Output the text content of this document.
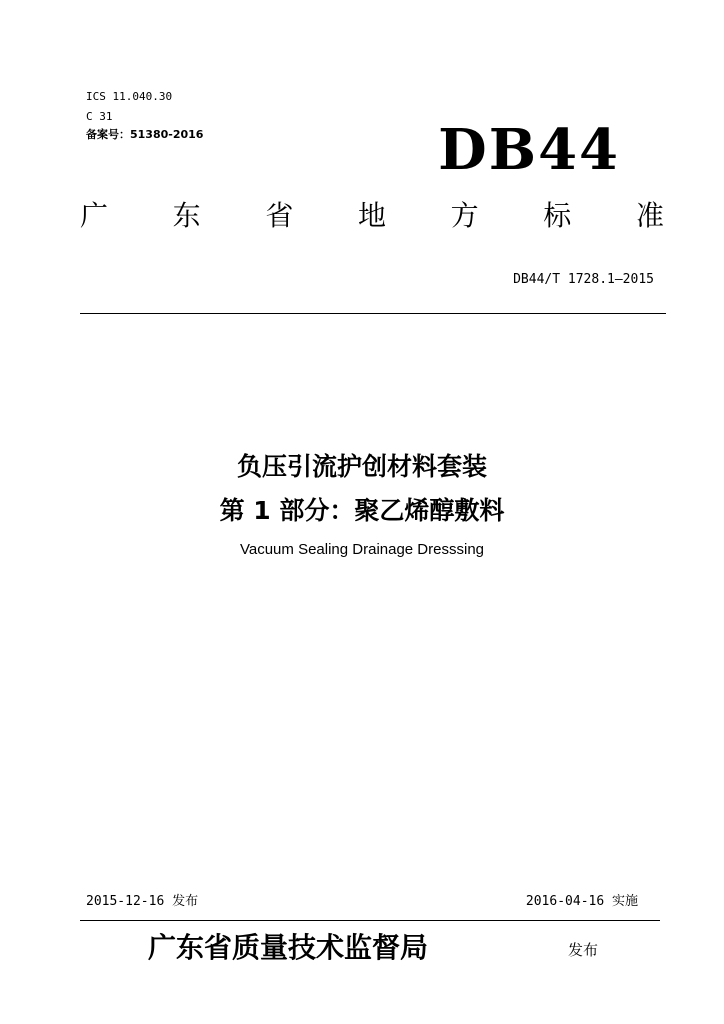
ICS 11.040.30
C 31
备案号：51380-2016	DB44
广 东 省 地 方 标 准
DB44/T 1728.1—2015
负压引流护创材料套装
第 1 部分：聚乙烯醇敷料
Vacuum Sealing Drainage Dresssing
2015-12-16 发布	2016-04-16 实施
广东省质量技术监督局	发布
